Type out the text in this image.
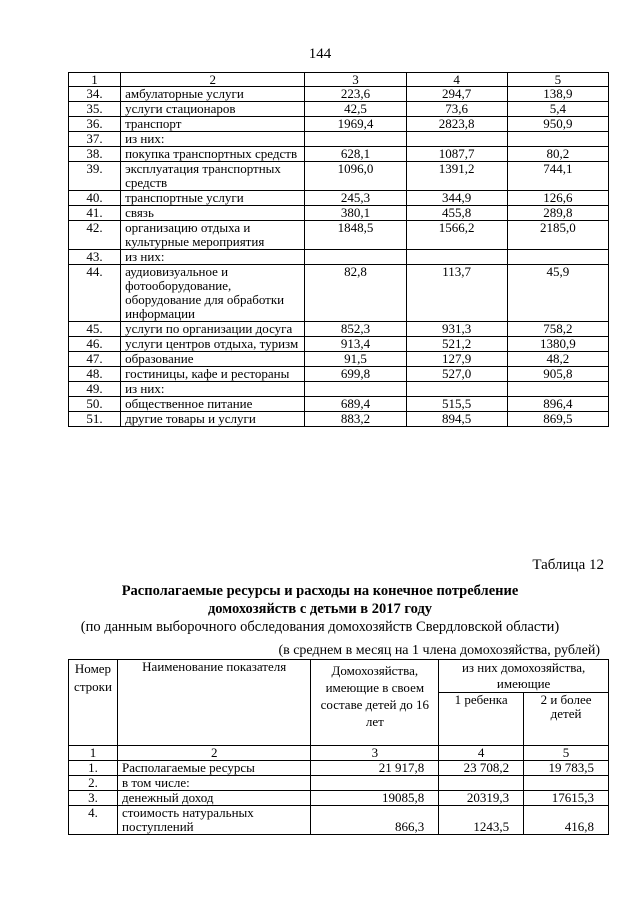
144
1	2	3	4	5
34.	амбулаторные услуги	223,6	294,7	138,9
35.	услуги стационаров	42,5	73,6	5,4
36.	транспорт	1969,4	2823,8	950,9
37.	из них:			
38.	покупка транспортных средств	628,1	1087,7	80,2
39.	эксплуатация транспортных средств	1096,0	1391,2	744,1
40.	транспортные услуги	245,3	344,9	126,6
41.	связь	380,1	455,8	289,8
42.	организацию отдыха и культурные мероприятия	1848,5	1566,2	2185,0
43.	из них:			
44.	аудиовизуальное и фотооборудование, оборудование для обработки информации	82,8	113,7	45,9
45.	услуги по организации досуга	852,3	931,3	758,2
46.	услуги центров отдыха, туризм	913,4	521,2	1380,9
47.	образование	91,5	127,9	48,2
48.	гостиницы, кафе и рестораны	699,8	527,0	905,8
49.	из них:			
50.	общественное питание	689,4	515,5	896,4
51.	другие товары и услуги	883,2	894,5	869,5
Таблица 12
Располагаемые ресурсы и расходы на конечное потребление
домохозяйств с детьми в 2017 году
(по данным выборочного обследования домохозяйств Свердловской области)
(в среднем в месяц на 1 члена домохозяйства, рублей)
Номер строки	Наименование показателя	Домохозяйства, имеющие в своем составе детей до 16 лет	из них домохозяйства, имеющие	
			1 ребенка	2 и более детей
1	2	3	4	5
1.	Располагаемые ресурсы	21 917,8	23 708,2	19 783,5
2.	в том числе:			
3.	денежный доход	19085,8	20319,3	17615,3
4.	стоимость натуральных поступлений	866,3	1243,5	416,8
